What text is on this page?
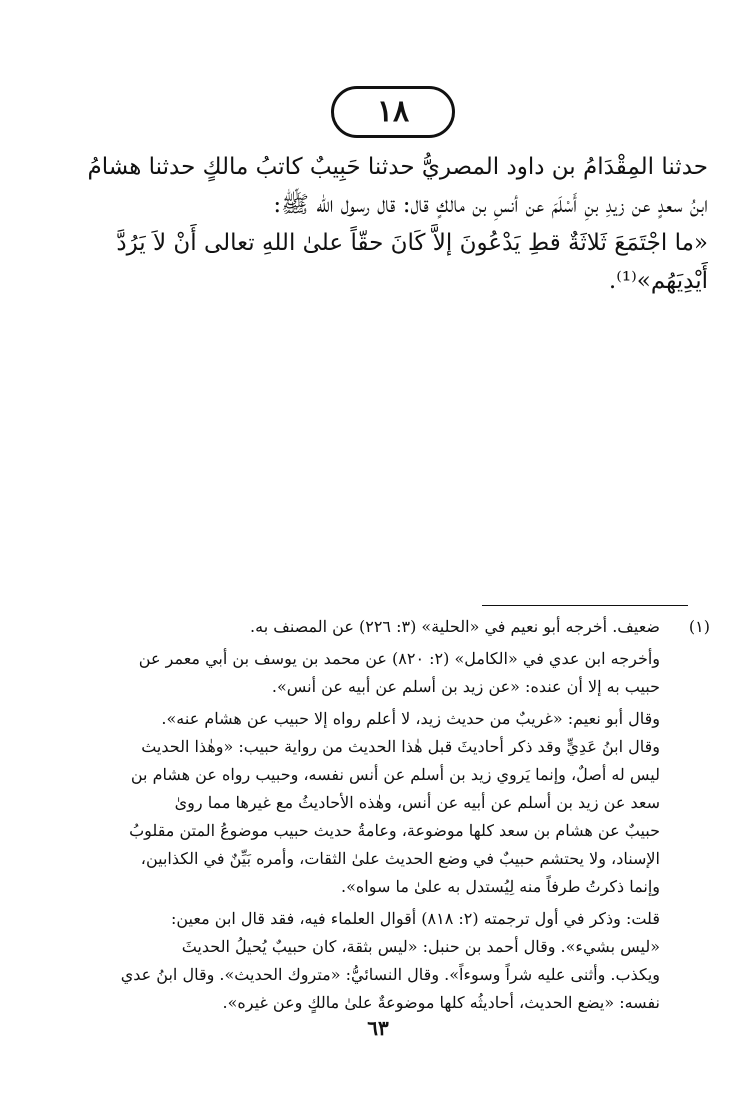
١٨
حدثنا المِقْدَامُ بن داود المصريُّ حدثنا حَبِيبٌ كاتبُ مالكٍ حدثنا هشامُ
ابنُ سعدٍ عن زيدِ بنِ أَسْلَمَ عن أنسِ بن مالكٍ قال: قال رسول الله ﷺ:
«ما اجْتَمَعَ ثَلاثَةٌ قطِ يَدْعُونَ إلاَّ كَانَ حقّاً علىٰ اللهِ تعالى أَنْ لاَ يَرُدَّ
أَيْدِيَهُم»⁽¹⁾.
(١)
ضعيف. أخرجه أبو نعيم في «الحلية» (٣: ٢٢٦) عن المصنف به.
وأخرجه ابن عدي في «الكامل» (٢: ٨٢٠) عن محمد بن يوسف بن أبي معمر عن
حبيب به إلا أن عنده: «عن زيد بن أسلم عن أبيه عن أنس».
وقال أبو نعيم: «غريبٌ من حديث زيد، لا أعلم رواه إلا حبيب عن هشام عنه».
وقال ابنُ عَدِيٍّ وقد ذكر أحاديثَ قبل هٰذا الحديث من رواية حبيب: «وهٰذا الحديث
ليس له أصلٌ، وإنما يَروي زيد بن أسلم عن أنس نفسه، وحبيب رواه عن هشام بن
سعد عن زيد بن أسلم عن أبيه عن أنس، وهٰذه الأحاديثُ مع غيرها مما روىٰ
حبيبٌ عن هشام بن سعد كلها موضوعة، وعامةُ حديث حبيب موضوعُ المتن مقلوبُ
الإسناد، ولا يحتشم حبيبٌ في وضع الحديث علىٰ الثقات، وأمره بَيِّنٌ في الكذابين،
وإنما ذكرتُ طرفاً منه لِيُستدل به علىٰ ما سواه».
قلت: وذكر في أول ترجمته (٢: ٨١٨) أقوال العلماء فيه، فقد قال ابن معين:
«ليس بشيء». وقال أحمد بن حنبل: «ليس بثقة، كان حبيبٌ يُحيلُ الحديثَ
ويكذب. وأثنى عليه شراً وسوءاً». وقال النسائيُّ: «متروك الحديث». وقال ابنُ عدي
نفسه: «يضع الحديث، أحاديثُه كلها موضوعةٌ علىٰ مالكٍ وعن غيره».
٦٣
